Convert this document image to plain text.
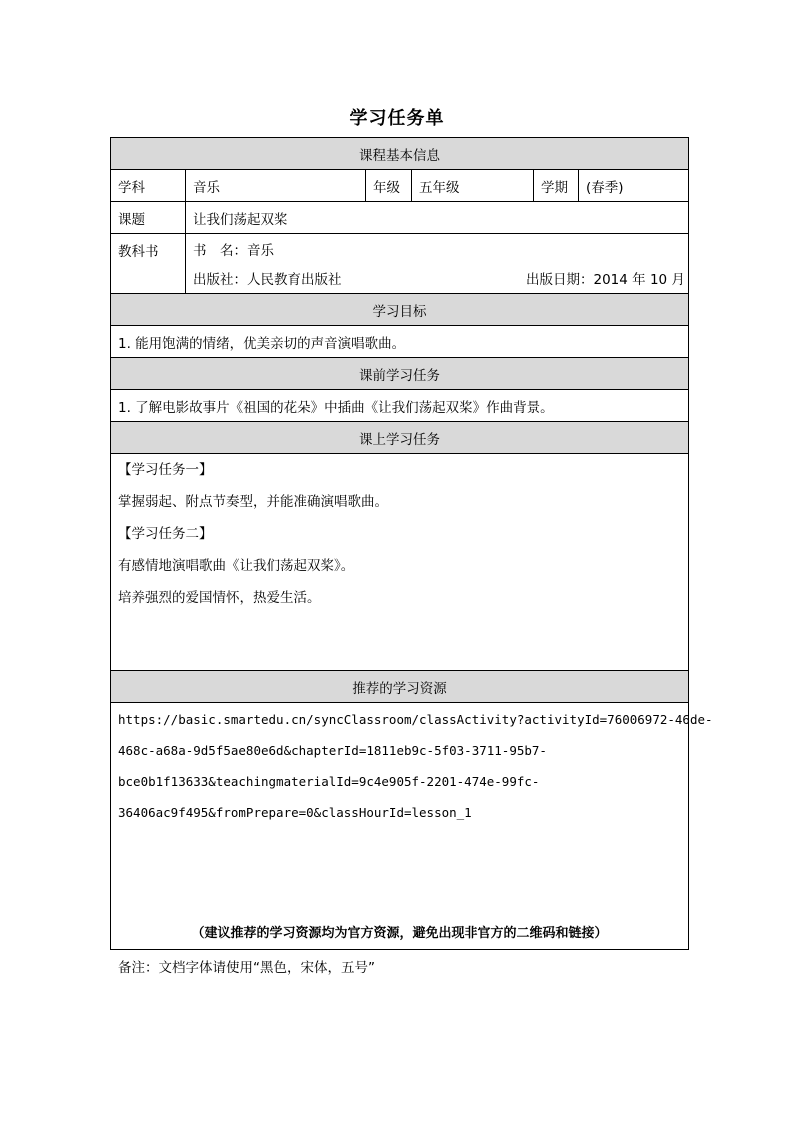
学习任务单
课程基本信息					
学科	音乐	年级	五年级	学期	(春季)
课题	让我们荡起双桨				
教科书	书　名：音乐				
	出版社：人民教育出版社 出版日期：2014 年 10 月				

学习目标					
1. 能用饱满的情绪，优美亲切的声音演唱歌曲。					
课前学习任务					
1. 了解电影故事片《祖国的花朵》中插曲《让我们荡起双桨》作曲背景。					
课上学习任务					

【学习任务一】
掌握弱起、附点节奏型，并能准确演唱歌曲。
【学习任务二】
有感情地演唱歌曲《让我们荡起双桨》。
培养强烈的爱国情怀，热爱生活。					

推荐的学习资源					

https://basic.smartedu.cn/syncClassroom/classActivity?activityId=76006972-46de-
468c-a68a-9d5f5ae80e6d&chapterId=1811eb9c-5f03-3711-95b7-
bce0b1f13633&teachingmaterialId=9c4e905f-2201-474e-99fc-
36406ac9f495&fromPrepare=0&classHourId=lesson_1
（建议推荐的学习资源均为官方资源，避免出现非官方的二维码和链接）					
备注：文档字体请使用“黑色，宋体，五号”
